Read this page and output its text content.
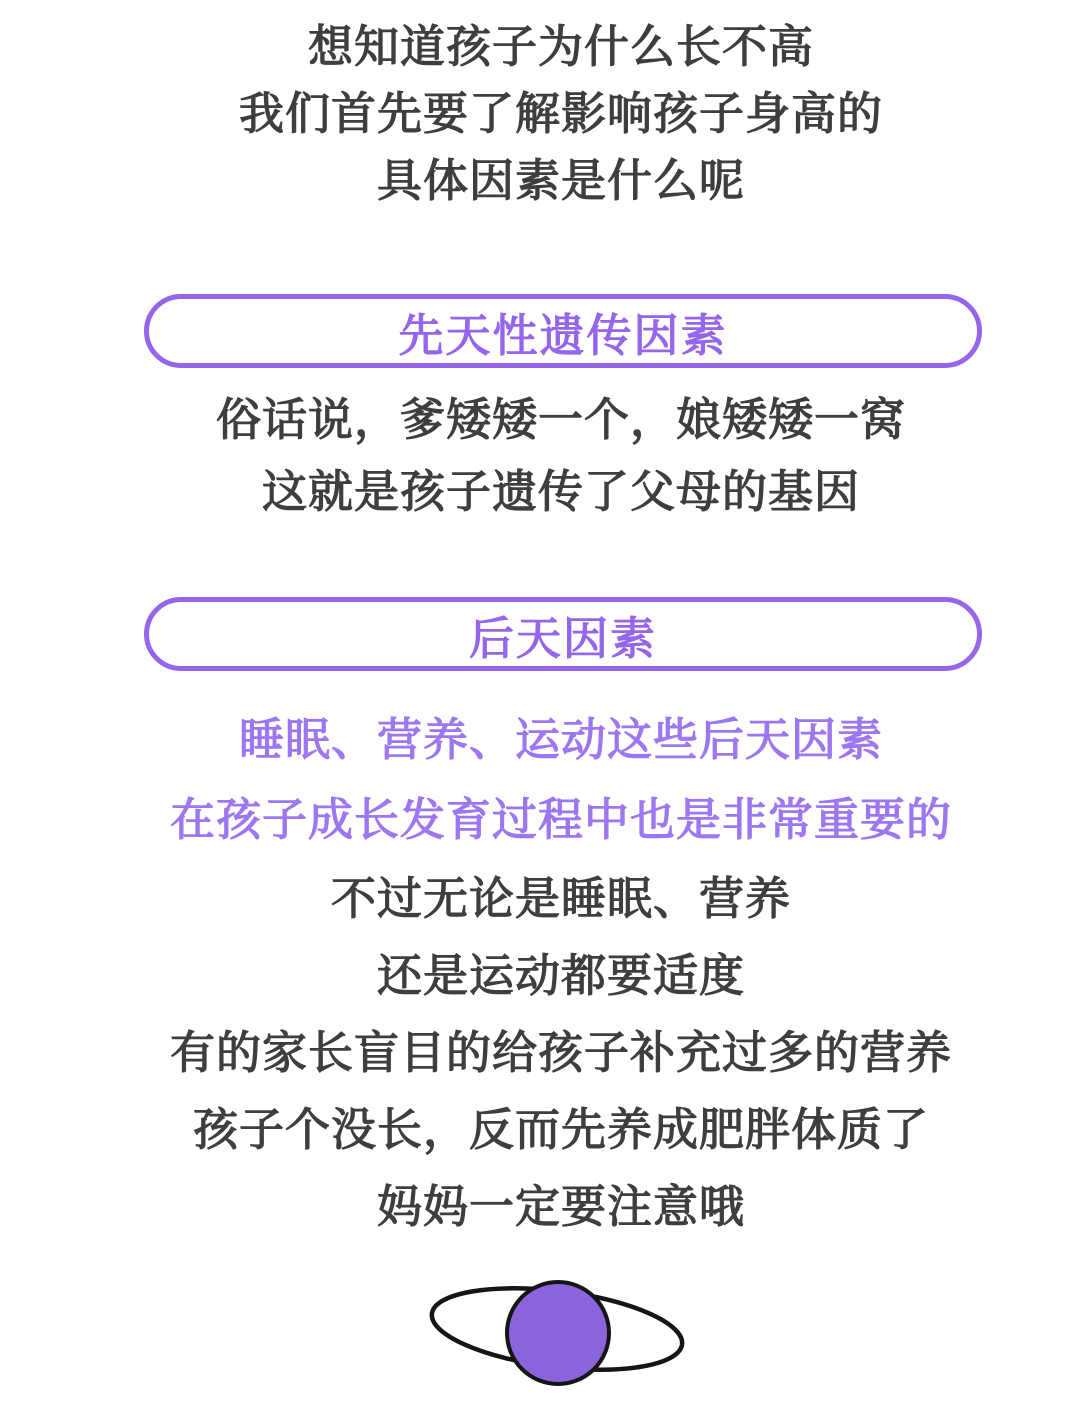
想知道孩子为什么长不高
我们首先要了解影响孩子身高的
具体因素是什么呢
先天性遗传因素
俗话说，爹矮矮一个，娘矮矮一窝
这就是孩子遗传了父母的基因
后天因素
睡眠、营养、运动这些后天因素
在孩子成长发育过程中也是非常重要的
不过无论是睡眠、营养
还是运动都要适度
有的家长盲目的给孩子补充过多的营养
孩子个没长，反而先养成肥胖体质了
妈妈一定要注意哦
